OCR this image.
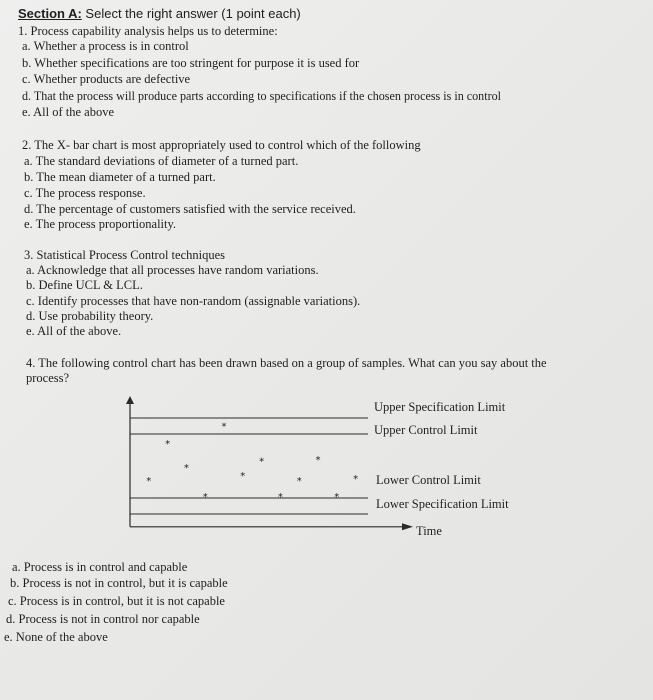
Section A: Select the right answer (1 point each)
1. Process capability analysis helps us to determine:
a. Whether a process is in control
b. Whether specifications are too stringent for purpose it is used for
c. Whether products are defective
d. That the process will produce parts according to specifications if the chosen process is in control
e. All of the above
2. The X- bar chart is most appropriately used to control which of the following
a. The standard deviations of diameter of a turned part.
b. The mean diameter of a turned part.
c. The process response.
d. The percentage of customers satisfied with the service received.
e. The process proportionality.
3. Statistical Process Control techniques
a. Acknowledge that all processes have random variations.
b. Define UCL & LCL.
c. Identify processes that have non-random (assignable variations).
d. Use probability theory.
e. All of the above.
4. The following control chart has been drawn based on a group of samples. What can you say about the
process?
*
*
*
*
*
*
*
*
*
*
*
*
Upper Specification Limit
Upper Control Limit
Lower Control Limit
Lower Specification Limit
Time
a. Process is in control and capable
b. Process is not in control, but it is capable
c. Process is in control, but it is not capable
d. Process is not in control nor capable
e. None of the above
